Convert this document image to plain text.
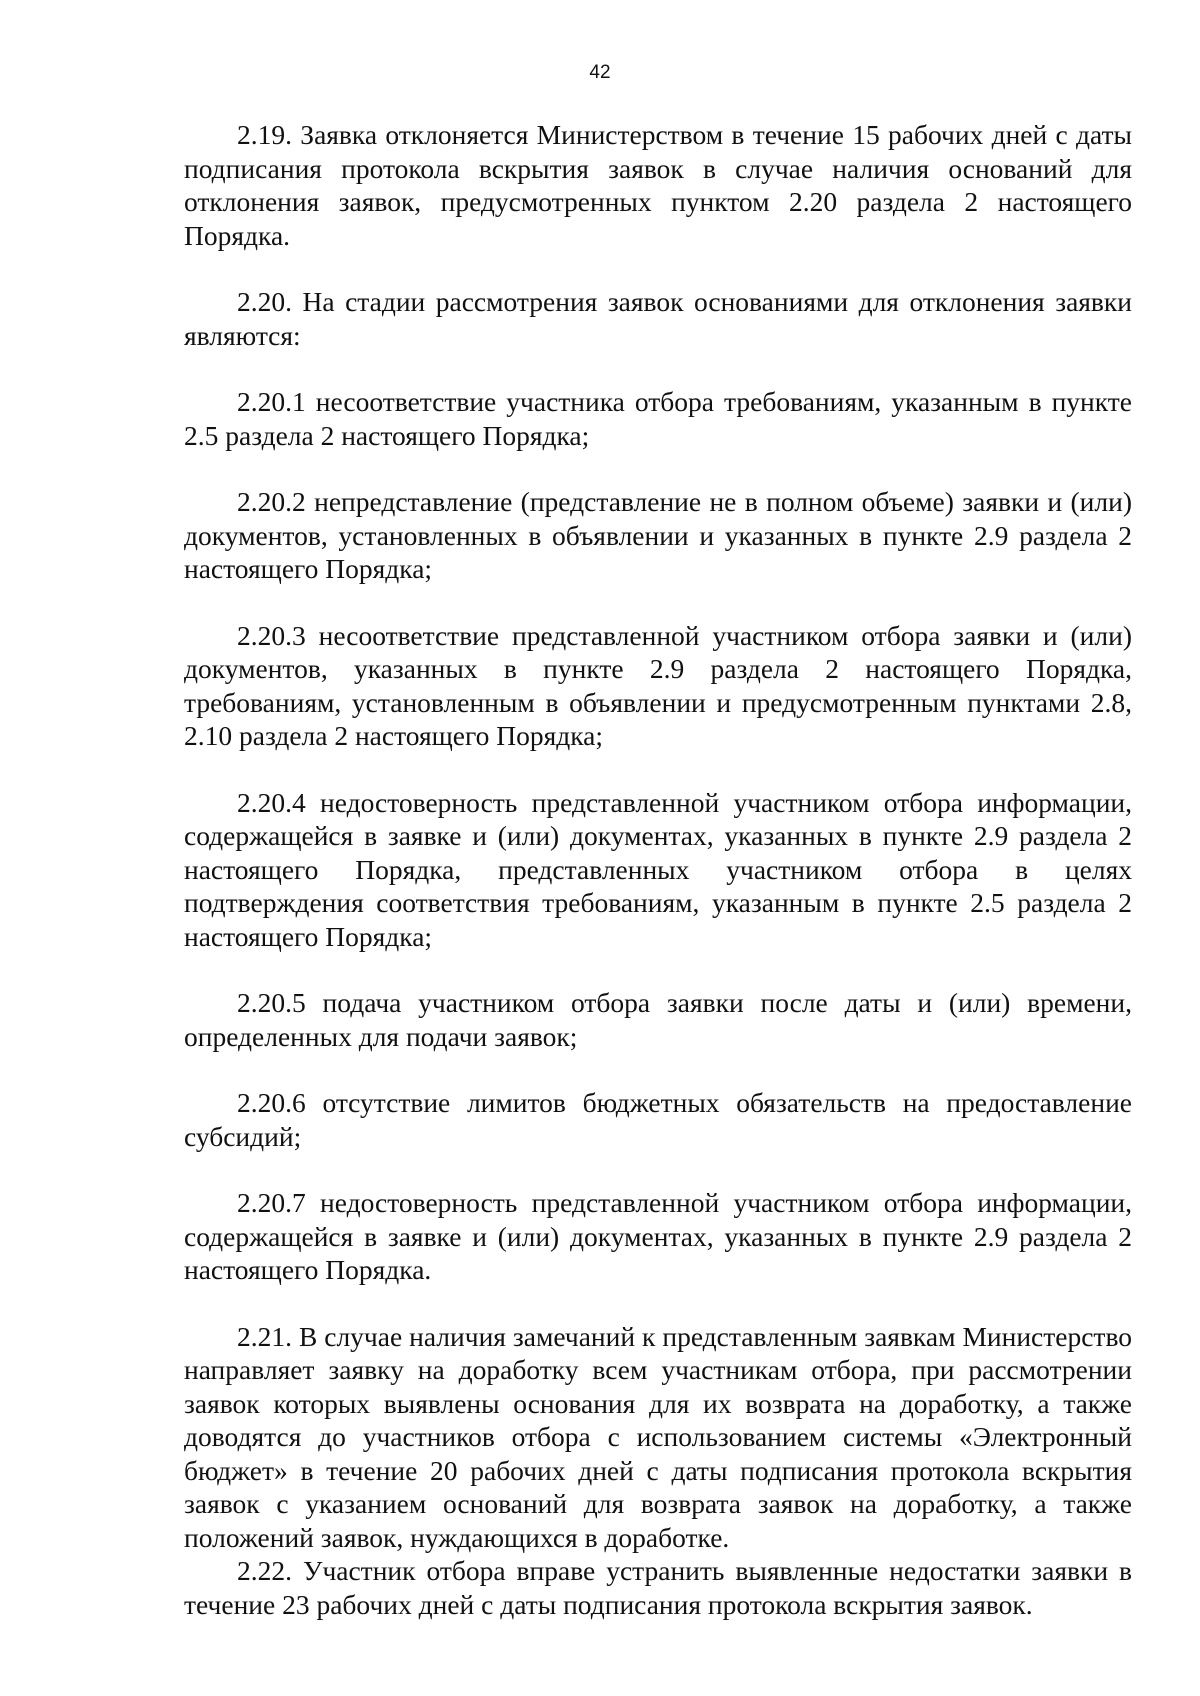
42

2.19. Заявка отклоняется Министерством в течение 15 рабочих дней с даты подписания протокола вскрытия заявок в случае наличия оснований для отклонения заявок, предусмотренных пунктом 2.20 раздела 2 настоящего Порядка.

2.20. На стадии рассмотрения заявок основаниями для отклонения заявки являются:

2.20.1 несоответствие участника отбора требованиям, указанным в пункте 2.5 раздела 2 настоящего Порядка;

2.20.2 непредставление (представление не в полном объеме) заявки и (или) документов, установленных в объявлении и указанных в пункте 2.9 раздела 2 настоящего Порядка;

2.20.3 несоответствие представленной участником отбора заявки и (или) документов, указанных в пункте 2.9 раздела 2 настоящего Порядка, требованиям, установленным в объявлении и предусмотренным пунктами 2.8, 2.10 раздела 2 настоящего Порядка;

2.20.4 недостоверность представленной участником отбора информации, содержащейся в заявке и (или) документах, указанных в пункте 2.9 раздела 2 настоящего Порядка, представленных участником отбора в целях подтверждения соответствия требованиям, указанным в пункте 2.5 раздела 2 настоящего Порядка;

2.20.5 подача участником отбора заявки после даты и (или) времени, определенных для подачи заявок;

2.20.6 отсутствие лимитов бюджетных обязательств на предоставление субсидий;

2.20.7 недостоверность представленной участником отбора информации, содержащейся в заявке и (или) документах, указанных в пункте 2.9 раздела 2 настоящего Порядка.

2.21. В случае наличия замечаний к представленным заявкам Министерство направляет заявку на доработку всем участникам отбора, при рассмотрении заявок которых выявлены основания для их возврата на доработку, а также доводятся до участников отбора с использованием системы «Электронный бюджет» в течение 20 рабочих дней с даты подписания протокола вскрытия заявок с указанием оснований для возврата заявок на доработку, а также положений заявок, нуждающихся в доработке.

2.22. Участник отбора вправе устранить выявленные недостатки заявки в течение 23 рабочих дней с даты подписания протокола вскрытия заявок.
